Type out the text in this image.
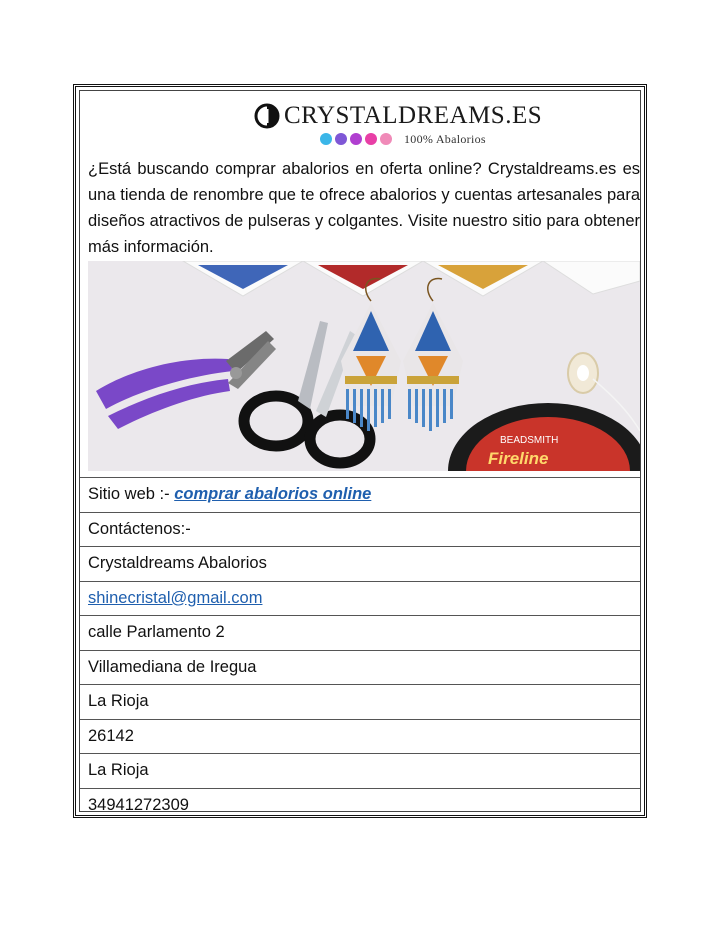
CRYSTALDREAMS.ES
100% Abalorios

¿Está buscando comprar abalorios en oferta online? Crystaldreams.es es una tienda de renombre que te ofrece abalorios y cuentas artesanales para diseños atractivos de pulseras y colgantes. Visite nuestro sitio para obtener más información.

BEADSMITH
Fireline
Sitio web :- comprar abalorios online
Contáctenos:-
Crystaldreams Abalorios
shinecristal@gmail.com
calle Parlamento 2
Villamediana de Iregua
La Rioja
26142
La Rioja
34941272309
